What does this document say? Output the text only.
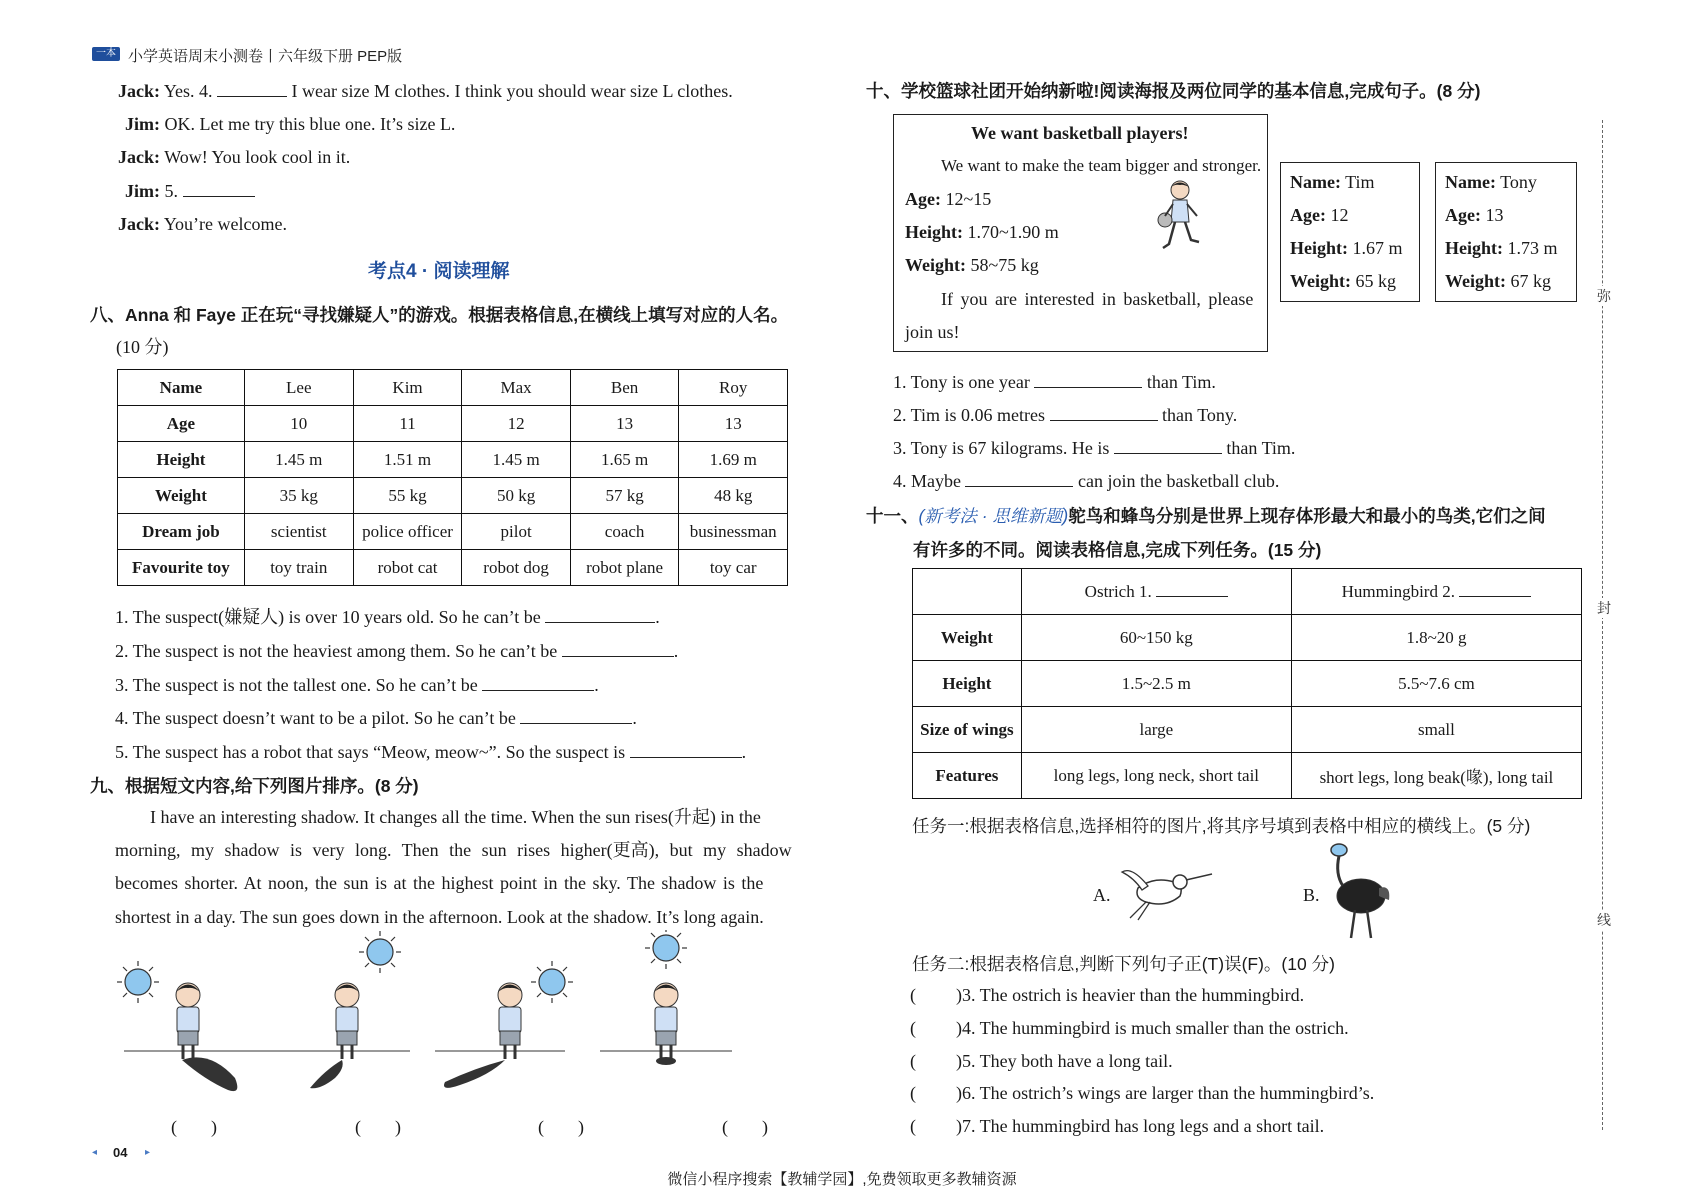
一本 小学英语周末小测卷丨六年级下册 PEP版
Jack: Yes. 4.	I wear size M clothes. I think you should wear size L clothes.
Jim: OK. Let me try this blue one. It’s size L.
Jack: Wow! You look cool in it.
Jim: 5.
Jack: You’re welcome.
考点4 · 阅读理解
八、Anna 和 Faye 正在玩“寻找嫌疑人”的游戏。根据表格信息,在横线上填写对应的人名。
(10 分)
Name	Lee	Kim	Max	Ben	Roy
Age	10	11	12	13	13
Height	1.45 m	1.51 m	1.45 m	1.65 m	1.69 m
Weight	35 kg	55 kg	50 kg	57 kg	48 kg
Dream job	scientist	police officer	pilot	coach	businessman
Favourite toy	toy train	robot cat	robot dog	robot plane	toy car
1. The suspect(嫌疑人) is over 10 years old. So he can’t be	.
2. The suspect is not the heaviest among them. So he can’t be	.
3. The suspect is not the tallest one. So he can’t be	.
4. The suspect doesn’t want to be a pilot. So he can’t be	.
5. The suspect has a robot that says “Meow, meow~”. So the suspect is	.
九、根据短文内容,给下列图片排序。(8 分)
I have an interesting shadow. It changes all the time. When the sun rises(升起) in the
morning, my shadow is very long. Then the sun rises higher(更高), but my shadow
becomes shorter. At noon, the sun is at the highest point in the sky. The shadow is the
shortest in a day. The sun goes down in the afternoon. Look at the shadow. It’s long again.
( )	( )	( )	( )
◂ 04 ▸
十、学校篮球社团开始纳新啦!阅读海报及两位同学的基本信息,完成句子。(8 分)
We want basketball players!
We want to make the team bigger and stronger.
Age: 12~15
Height: 1.70~1.90 m
Weight: 58~75 kg
If you are interested in basketball, please
join us!
Name: Tim
Age: 12
Height: 1.67 m
Weight: 65 kg
Name: Tony
Age: 13
Height: 1.73 m
Weight: 67 kg
1. Tony is one year	than Tim.
2. Tim is 0.06 metres	than Tony.
3. Tony is 67 kilograms. He is	than Tim.
4. Maybe	can join the basketball club.
十一、(新考法 · 思维新题)鸵鸟和蜂鸟分别是世界上现存体形最大和最小的鸟类,它们之间
有许多的不同。阅读表格信息,完成下列任务。(15 分)
	Ostrich 1.	Hummingbird 2.
Weight	60~150 kg	1.8~20 g
Height	1.5~2.5 m	5.5~7.6 cm
Size of wings	large	small
Features	long legs, long neck, short tail	short legs, long beak(喙), long tail
任务一:根据表格信息,选择相符的图片,将其序号填到表格中相应的横线上。(5 分)
A.	B.
任务二:根据表格信息,判断下列句子正(T)误(F)。(10 分)
( )3. The ostrich is heavier than the hummingbird.
( )4. The hummingbird is much smaller than the ostrich.
( )5. They both have a long tail.
( )6. The ostrich’s wings are larger than the hummingbird’s.
( )7. The hummingbird has long legs and a short tail.
弥
封
线
微信小程序搜索【教辅学园】,免费领取更多教辅资源
